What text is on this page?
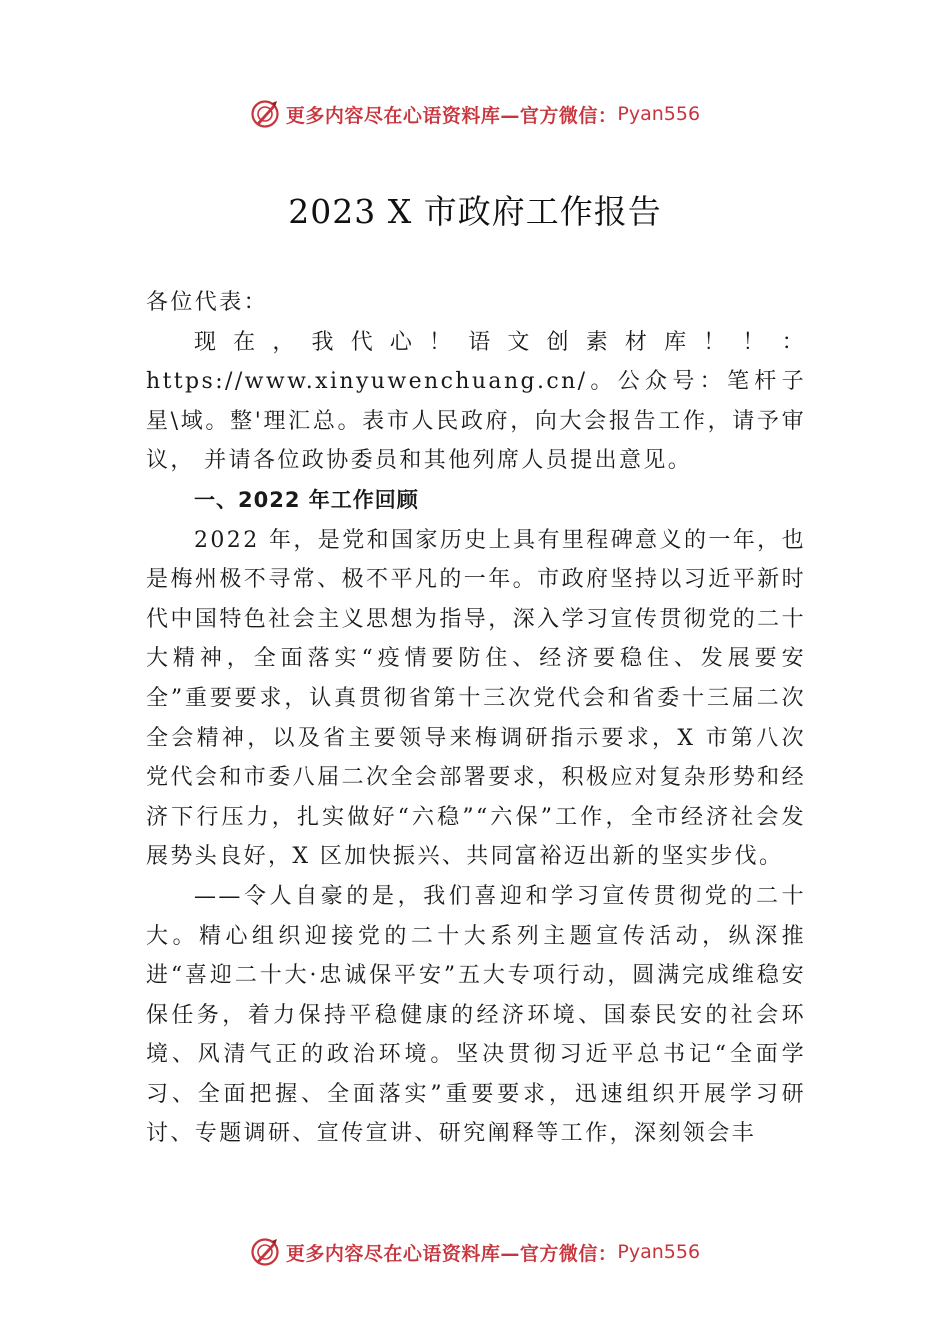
更多内容尽在心语资料库—官方微信： Pyan556
2023 X 市政府工作报告

各位代表：

现在，我代心！语文创素材库！！：https://www.xinyuwenchuang.cn/。公众号：笔杆子星\域。整'理汇总。表市人民政府，向大会报告工作，请予审议， 并请各位政协委员和其他列席人员提出意见。

一、2022 年工作回顾

2022 年，是党和国家历史上具有里程碑意义的一年，也是梅州极不寻常、极不平凡的一年。市政府坚持以习近平新时代中国特色社会主义思想为指导，深入学习宣传贯彻党的二十大精神，全面落实“疫情要防住、经济要稳住、发展要安全”重要要求，认真贯彻省第十三次党代会和省委十三届二次全会精神，以及省主要领导来梅调研指示要求，X 市第八次党代会和市委八届二次全会部署要求，积极应对复杂形势和经济下行压力，扎实做好“六稳”“六保”工作，全市经济社会发展势头良好，X 区加快振兴、共同富裕迈出新的坚实步伐。

——令人自豪的是，我们喜迎和学习宣传贯彻党的二十大。精心组织迎接党的二十大系列主题宣传活动，纵深推进“喜迎二十大·忠诚保平安”五大专项行动，圆满完成维稳安保任务，着力保持平稳健康的经济环境、国泰民安的社会环境、风清气正的政治环境。坚决贯彻习近平总书记“全面学习、全面把握、全面落实”重要要求，迅速组织开展学习研讨、专题调研、宣传宣讲、研究阐释等工作，深刻领会丰

更多内容尽在心语资料库—官方微信： Pyan556
